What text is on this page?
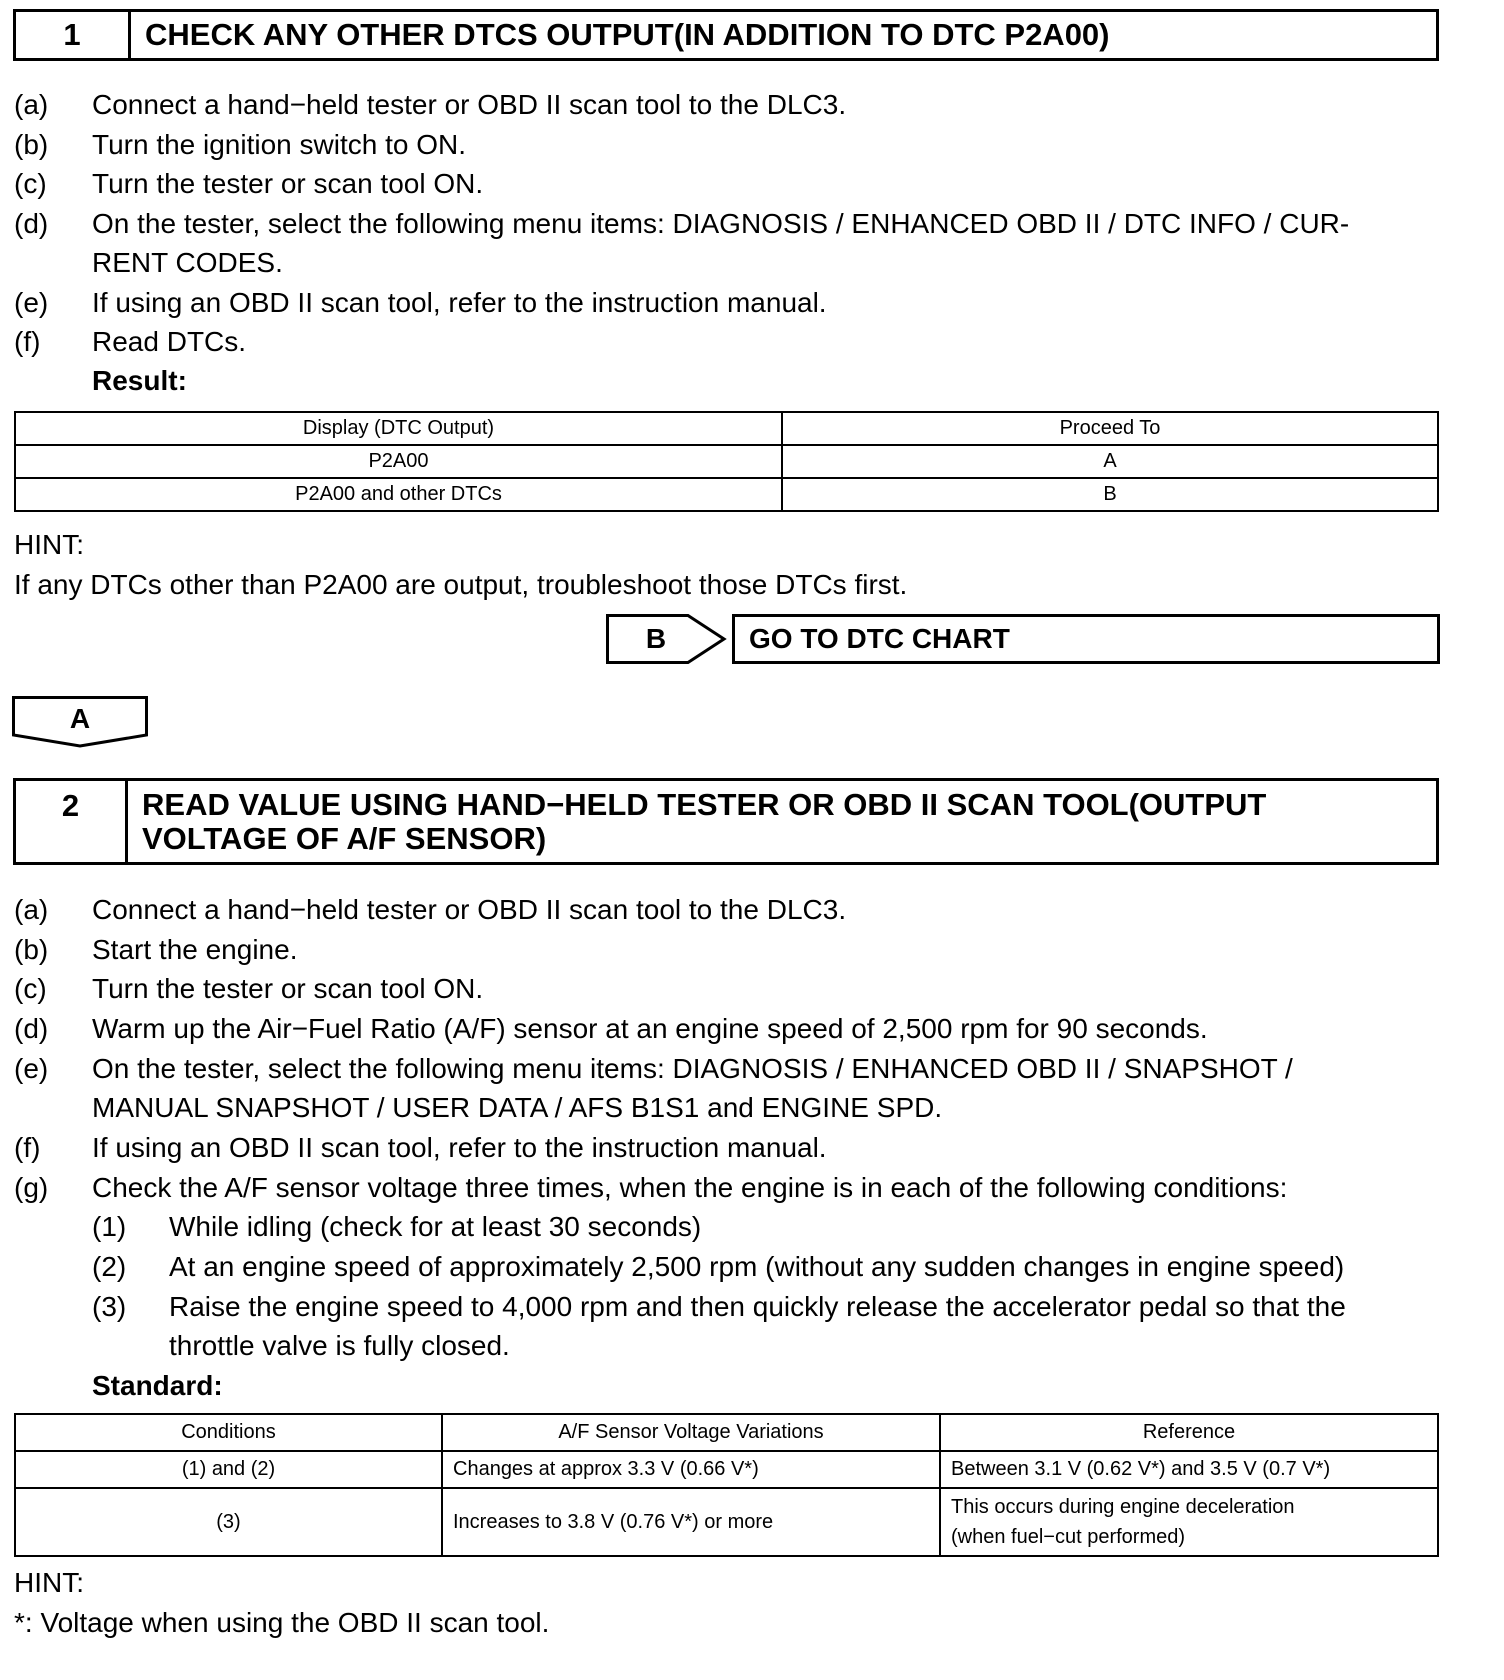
1	CHECK ANY OTHER DTCS OUTPUT(IN ADDITION TO DTC P2A00)
(a) Connect a hand−held tester or OBD II scan tool to the DLC3.
(b) Turn the ignition switch to ON.
(c) Turn the tester or scan tool ON.
(d) On the tester, select the following menu items: DIAGNOSIS / ENHANCED OBD II / DTC INFO / CUR-
RENT CODES.
(e) If using an OBD II scan tool, refer to the instruction manual.
(f) Read DTCs.
Result:
Display (DTC Output)	Proceed To
P2A00	A
P2A00 and other DTCs	B
HINT:
If any DTCs other than P2A00 are output, troubleshoot those DTCs first.
B	GO TO DTC CHART
A
2	READ VALUE USING HAND−HELD TESTER OR OBD II SCAN TOOL(OUTPUT
VOLTAGE OF A/F SENSOR)
(a) Connect a hand−held tester or OBD II scan tool to the DLC3.
(b) Start the engine.
(c) Turn the tester or scan tool ON.
(d) Warm up the Air−Fuel Ratio (A/F) sensor at an engine speed of 2,500 rpm for 90 seconds.
(e) On the tester, select the following menu items: DIAGNOSIS / ENHANCED OBD II / SNAPSHOT /
MANUAL SNAPSHOT / USER DATA / AFS B1S1 and ENGINE SPD.
(f) If using an OBD II scan tool, refer to the instruction manual.
(g) Check the A/F sensor voltage three times, when the engine is in each of the following conditions:
(1) While idling (check for at least 30 seconds)
(2) At an engine speed of approximately 2,500 rpm (without any sudden changes in engine speed)
(3) Raise the engine speed to 4,000 rpm and then quickly release the accelerator pedal so that the
throttle valve is fully closed.
Standard:
Conditions	A/F Sensor Voltage Variations	Reference
(1) and (2)	Changes at approx 3.3 V (0.66 V*)	Between 3.1 V (0.62 V*) and 3.5 V (0.7 V*)
(3)	Increases to 3.8 V (0.76 V*) or more	This occurs during engine deceleration
(when fuel−cut performed)
HINT:
*: Voltage when using the OBD II scan tool.
